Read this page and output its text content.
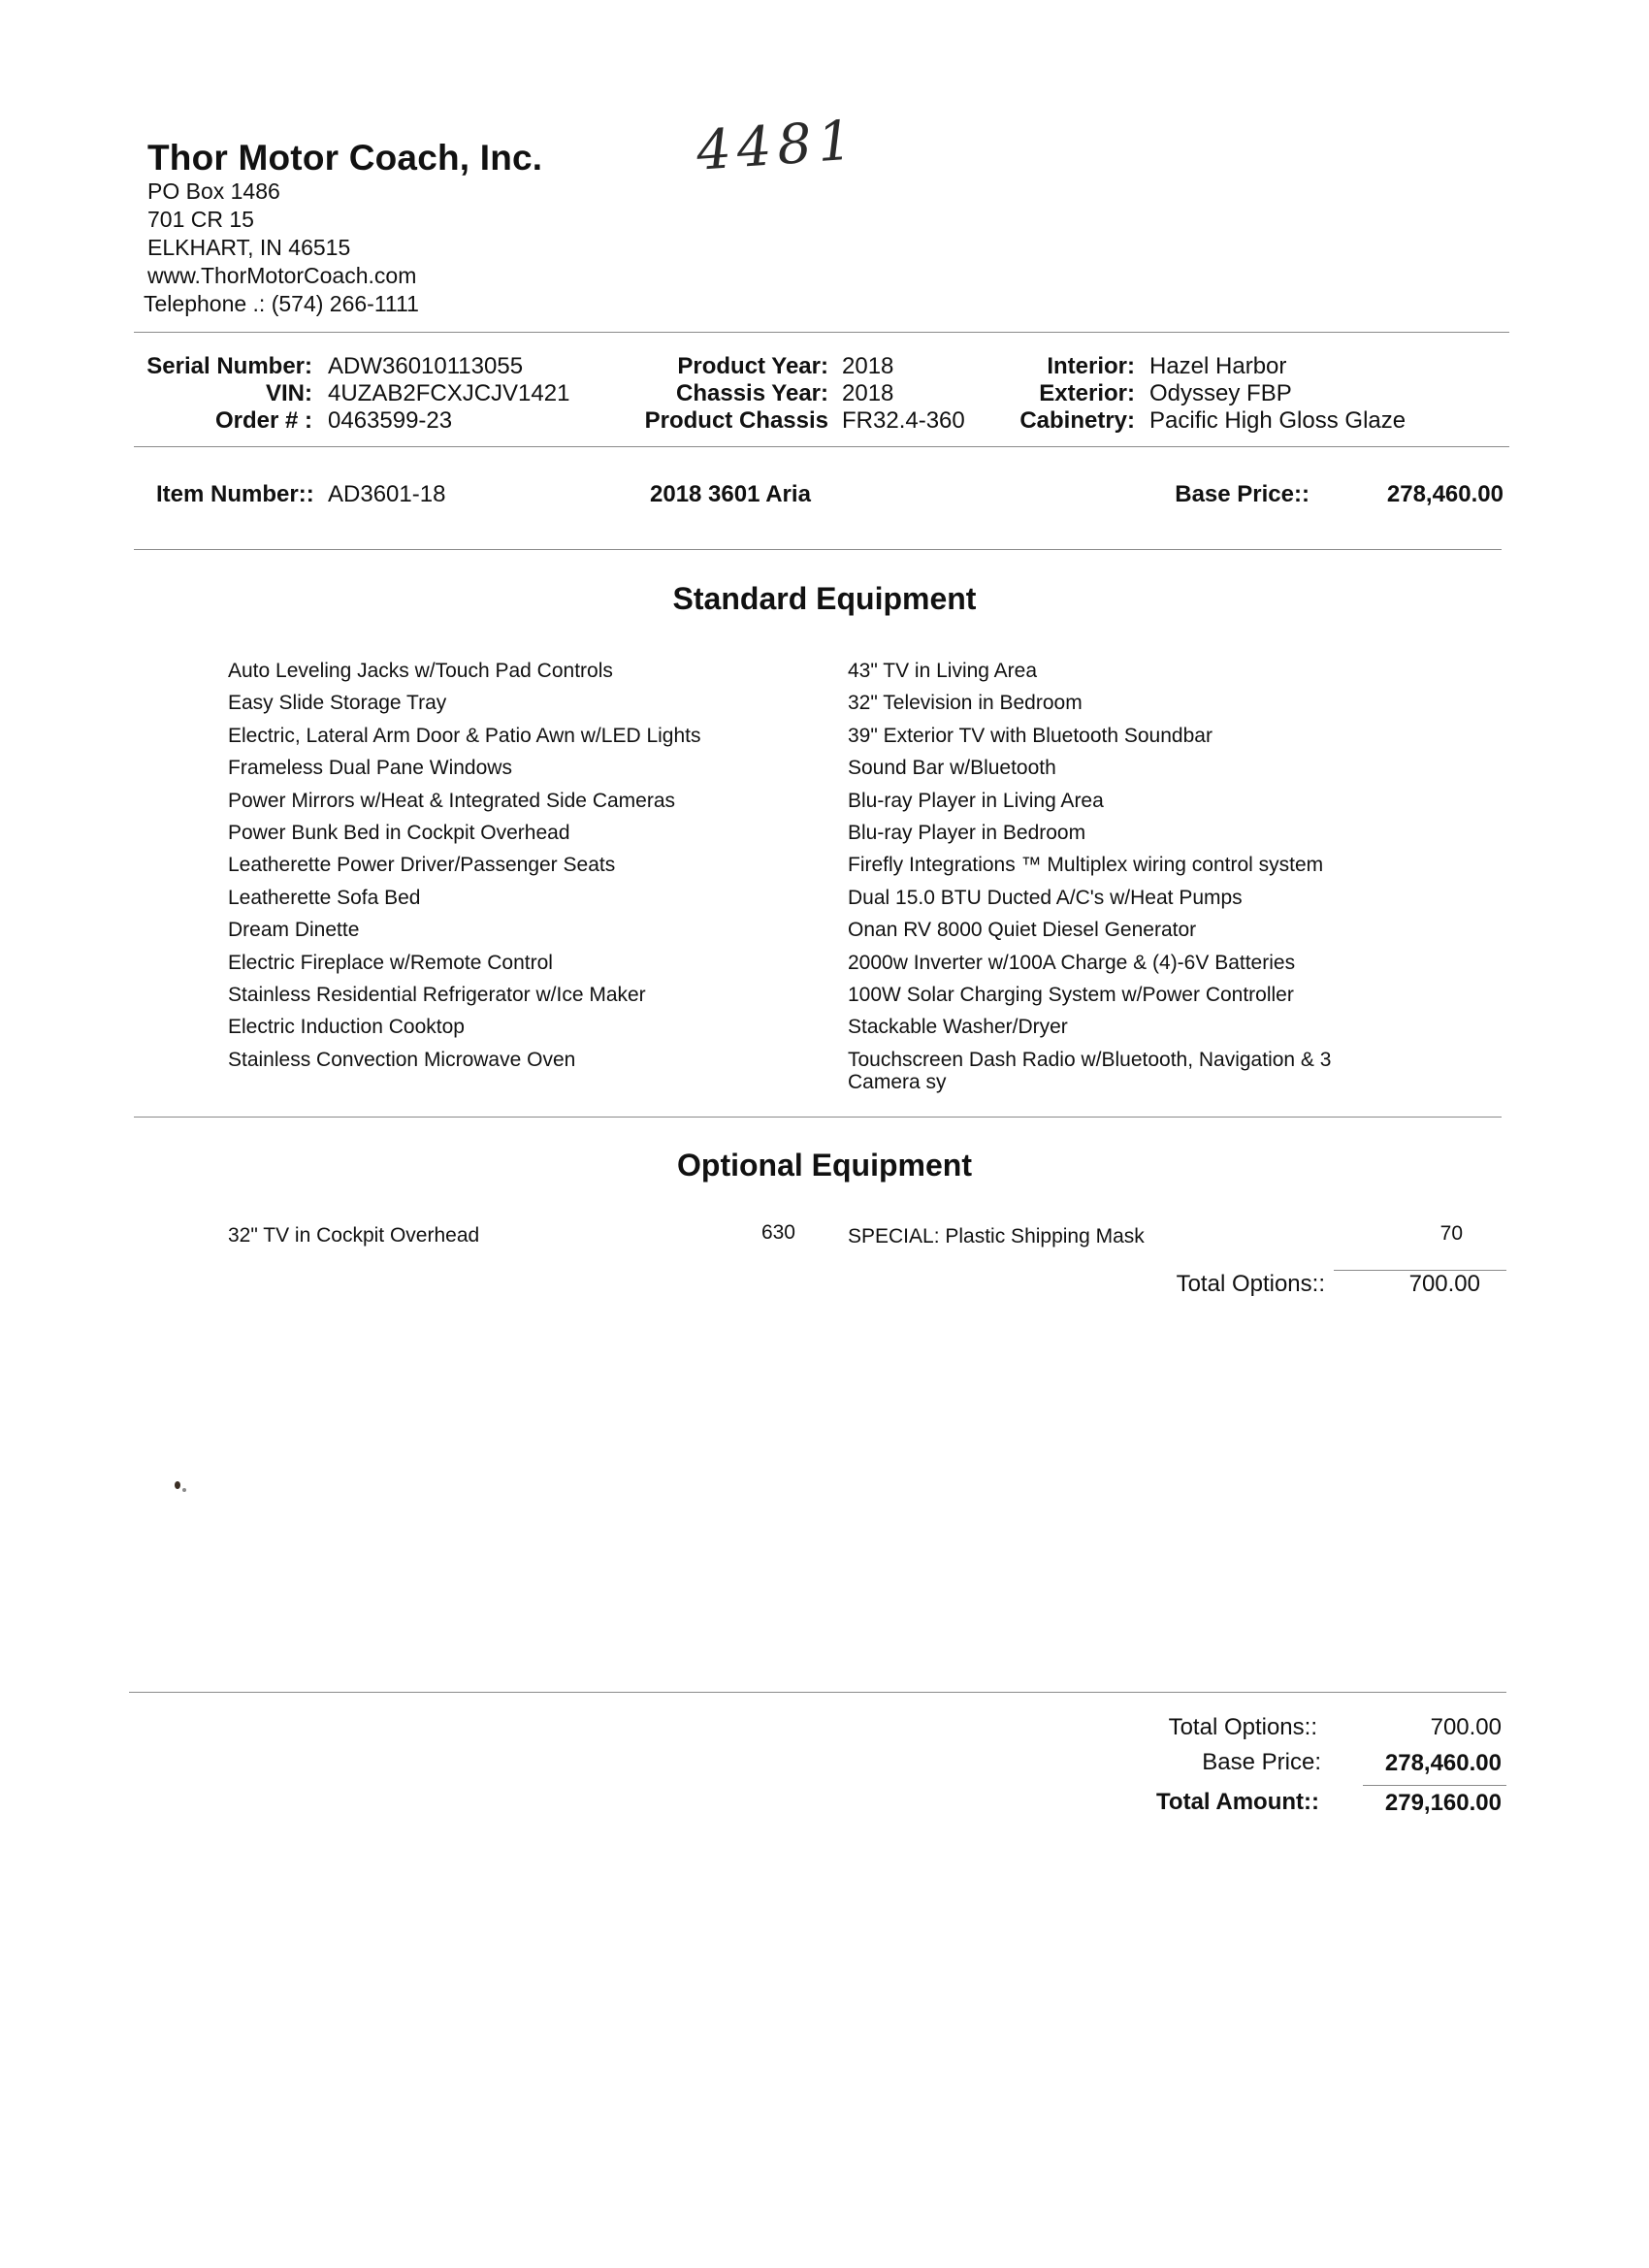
Thor Motor Coach, Inc.
PO Box 1486
701 CR 15
ELKHART, IN 46515
www.ThorMotorCoach.com
Telephone .: (574) 266-1111
4481
Serial Number: ADW36010113055
VIN: 4UZAB2FCXJCJV1421
Order # : 0463599-23
Product Year: 2018
Chassis Year: 2018
Product Chassis FR32.4-360
Interior: Hazel Harbor
Exterior: Odyssey FBP
Cabinetry: Pacific High Gloss Glaze
Item Number:: AD3601-18	2018 3601 Aria	Base Price::	278,460.00
Standard Equipment
Auto Leveling Jacks w/Touch Pad Controls
Easy Slide Storage Tray
Electric, Lateral Arm Door & Patio Awn w/LED Lights
Frameless Dual Pane Windows
Power Mirrors w/Heat & Integrated Side Cameras
Power Bunk Bed in Cockpit Overhead
Leatherette Power Driver/Passenger Seats
Leatherette Sofa Bed
Dream Dinette
Electric Fireplace w/Remote Control
Stainless Residential Refrigerator w/Ice Maker
Electric Induction Cooktop
Stainless Convection Microwave Oven
43" TV in Living Area
32" Television in Bedroom
39" Exterior TV with Bluetooth Soundbar
Sound Bar w/Bluetooth
Blu-ray Player in Living Area
Blu-ray Player in Bedroom
Firefly Integrations ™ Multiplex wiring control system
Dual 15.0 BTU Ducted A/C's w/Heat Pumps
Onan RV 8000 Quiet Diesel Generator
2000w Inverter w/100A Charge & (4)-6V Batteries
100W Solar Charging System w/Power Controller
Stackable Washer/Dryer
Touchscreen Dash Radio w/Bluetooth, Navigation & 3
Camera sy
Optional Equipment
32" TV in Cockpit Overhead	630	SPECIAL: Plastic Shipping Mask	70
Total Options::	700.00
Total Options::	700.00
Base Price:	278,460.00
Total Amount::	279,160.00
